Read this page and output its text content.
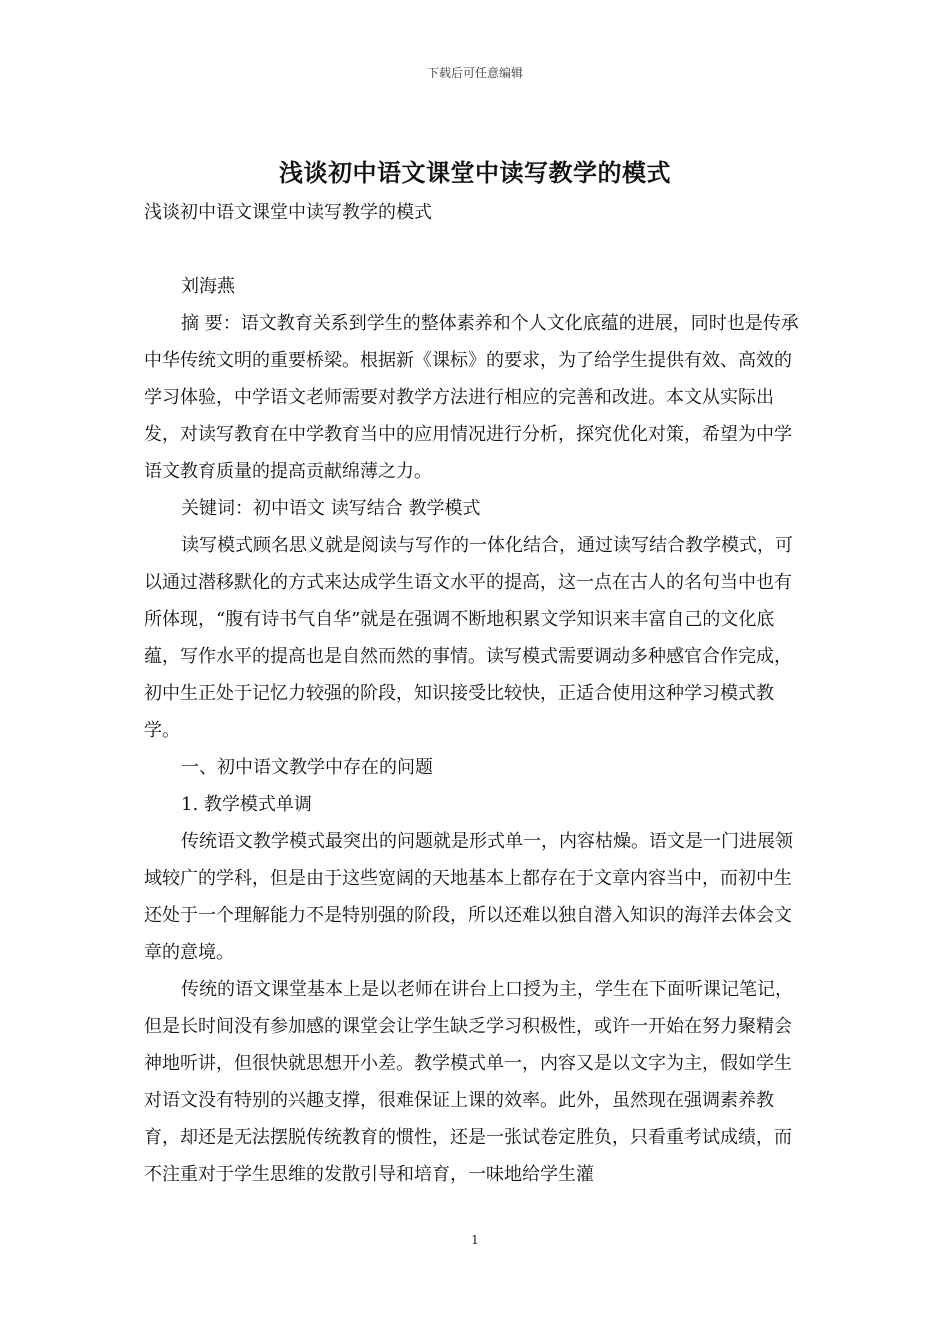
下载后可任意编辑
浅谈初中语文课堂中读写教学的模式

浅谈初中语文课堂中读写教学的模式

刘海燕

摘 要：语文教育关系到学生的整体素养和个人文化底蕴的进展，同时也是传承中华传统文明的重要桥梁。根据新《课标》的要求，为了给学生提供有效、高效的学习体验，中学语文老师需要对教学方法进行相应的完善和改进。本文从实际出发，对读写教育在中学教育当中的应用情况进行分析，探究优化对策，希望为中学语文教育质量的提高贡献绵薄之力。

关键词：初中语文 读写结合 教学模式

读写模式顾名思义就是阅读与写作的一体化结合，通过读写结合教学模式，可以通过潜移默化的方式来达成学生语文水平的提高，这一点在古人的名句当中也有所体现，“腹有诗书气自华”就是在强调不断地积累文学知识来丰富自己的文化底蕴，写作水平的提高也是自然而然的事情。读写模式需要调动多种感官合作完成，初中生正处于记忆力较强的阶段，知识接受比较快，正适合使用这种学习模式教学。

一、初中语文教学中存在的问题

1. 教学模式单调

传统语文教学模式最突出的问题就是形式单一，内容枯燥。语文是一门进展领域较广的学科，但是由于这些宽阔的天地基本上都存在于文章内容当中，而初中生还处于一个理解能力不是特别强的阶段，所以还难以独自潜入知识的海洋去体会文章的意境。

传统的语文课堂基本上是以老师在讲台上口授为主，学生在下面听课记笔记，但是长时间没有参加感的课堂会让学生缺乏学习积极性，或许一开始在努力聚精会神地听讲，但很快就思想开小差。教学模式单一，内容又是以文字为主，假如学生对语文没有特别的兴趣支撑，很难保证上课的效率。此外，虽然现在强调素养教育，却还是无法摆脱传统教育的惯性，还是一张试卷定胜负，只看重考试成绩，而不注重对于学生思维的发散引导和培育，一味地给学生灌

1
